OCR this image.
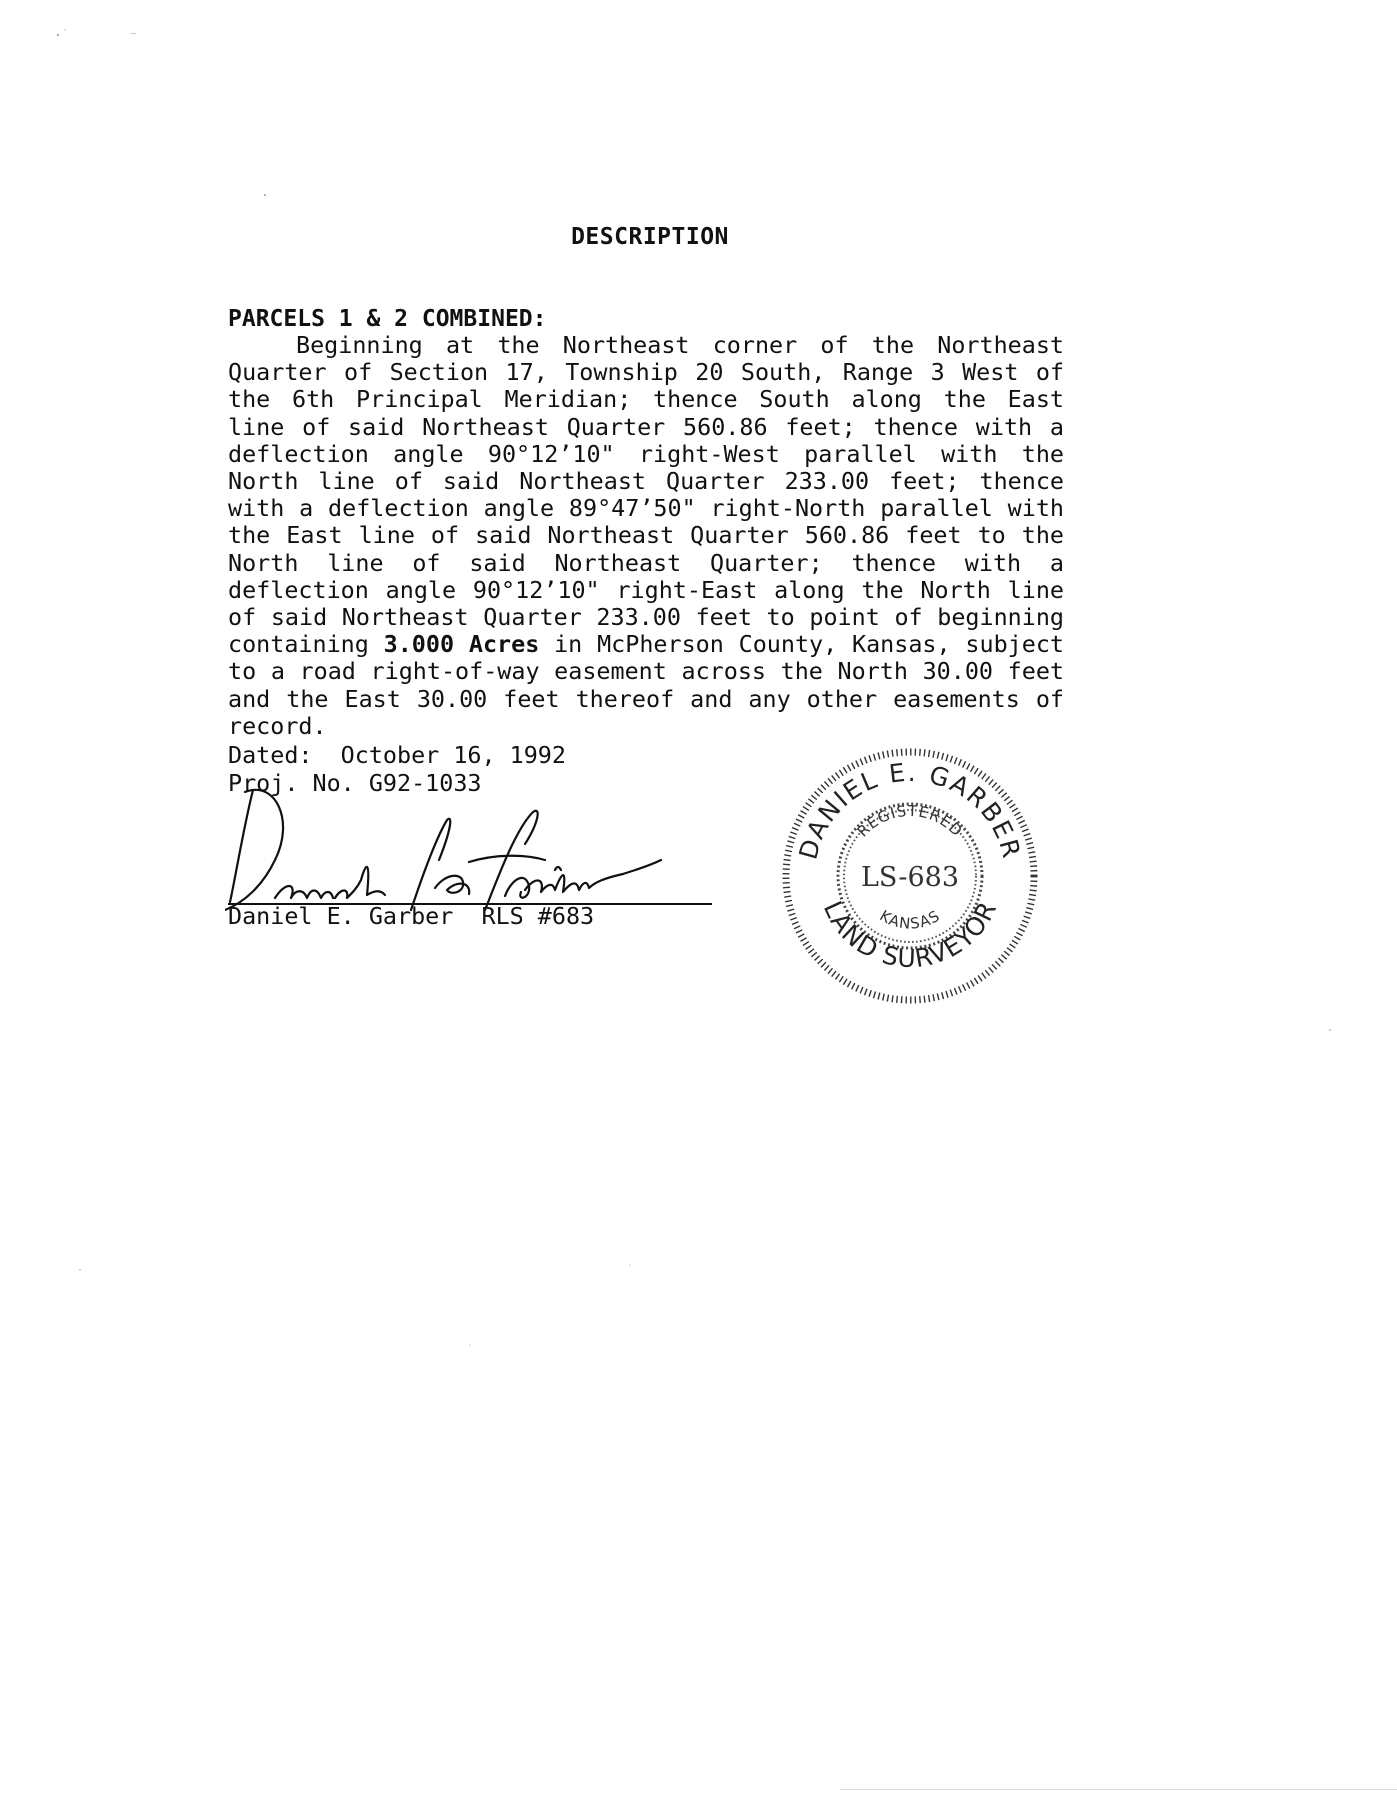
DESCRIPTION
PARCELS 1 & 2 COMBINED:
Beginning at the Northeast corner of the Northeast Quarter of Section 17, Township 20 South, Range 3 West of the 6th Principal Meridian; thence South along the East line of said Northeast Quarter 560.86 feet; thence with a deflection angle 90°12’10" right-West parallel with the North line of said Northeast Quarter 233.00 feet; thence with a deflection angle 89°47’50" right-North parallel with the East line of said Northeast Quarter 560.86 feet to the North line of said Northeast Quarter; thence with a deflection angle 90°12’10" right-East along the North line of said Northeast Quarter 233.00 feet to point of beginning containing 3.000 Acres in McPherson County, Kansas, subject to a road right-of-way easement across the North 30.00 feet and the East 30.00 feet thereof and any other easements of record.
Dated:  October 16, 1992
Proj. No. G92-1033
Daniel E. Garber  RLS #683
DANIEL E. GARBER
LAND SURVEYOR
REGISTERED
KANSAS
LS-683
